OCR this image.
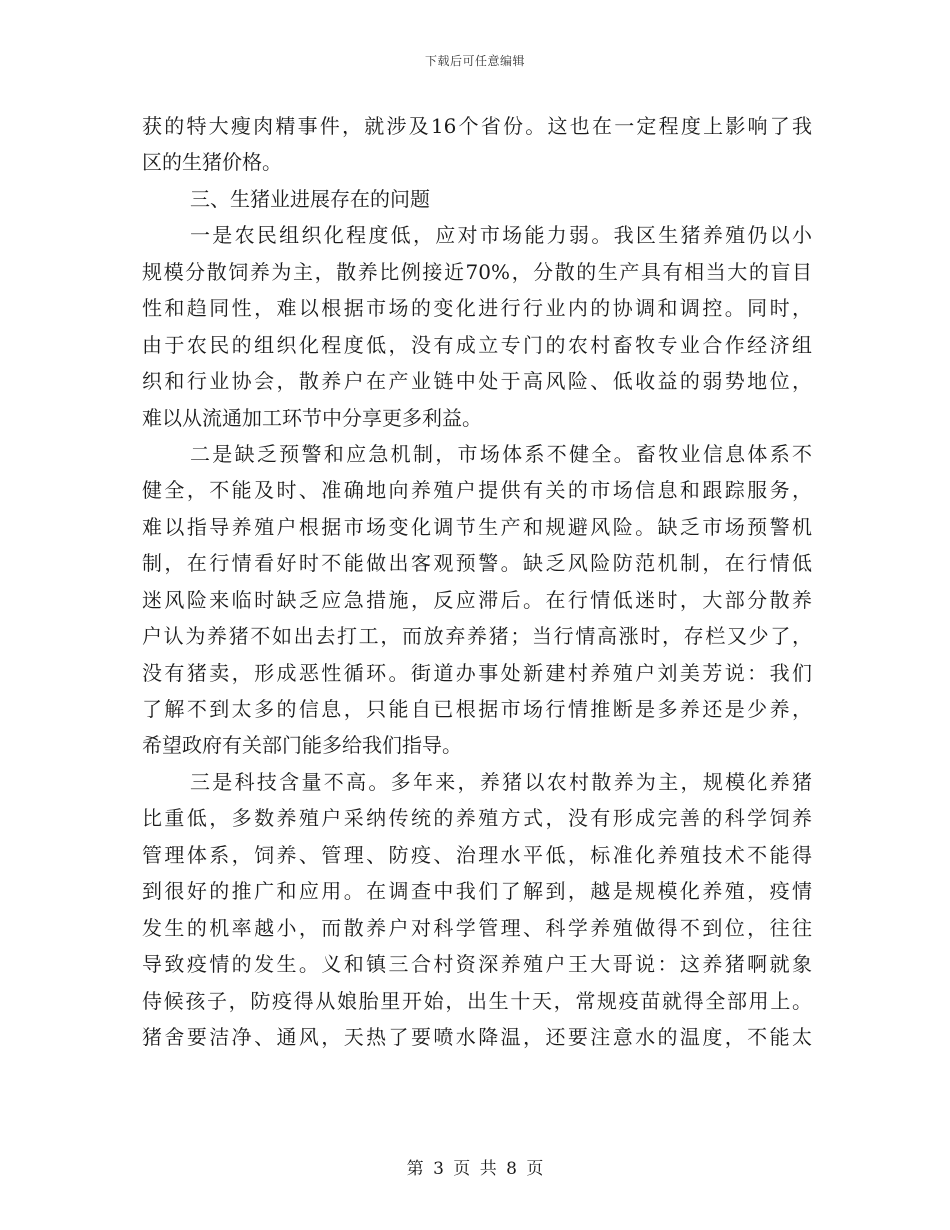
下载后可任意编辑
获的特大瘦肉精事件，就涉及16个省份。这也在一定程度上影响了我
区的生猪价格。
三、生猪业进展存在的问题
一是农民组织化程度低，应对市场能力弱。我区生猪养殖仍以小
规模分散饲养为主，散养比例接近70%，分散的生产具有相当大的盲目
性和趋同性，难以根据市场的变化进行行业内的协调和调控。同时，
由于农民的组织化程度低，没有成立专门的农村畜牧专业合作经济组
织和行业协会，散养户在产业链中处于高风险、低收益的弱势地位，
难以从流通加工环节中分享更多利益。
二是缺乏预警和应急机制，市场体系不健全。畜牧业信息体系不
健全，不能及时、准确地向养殖户提供有关的市场信息和跟踪服务，
难以指导养殖户根据市场变化调节生产和规避风险。缺乏市场预警机
制，在行情看好时不能做出客观预警。缺乏风险防范机制，在行情低
迷风险来临时缺乏应急措施，反应滞后。在行情低迷时，大部分散养
户认为养猪不如出去打工，而放弃养猪；当行情高涨时，存栏又少了，
没有猪卖，形成恶性循环。街道办事处新建村养殖户刘美芳说：我们
了解不到太多的信息，只能自已根据市场行情推断是多养还是少养，
希望政府有关部门能多给我们指导。
三是科技含量不高。多年来，养猪以农村散养为主，规模化养猪
比重低，多数养殖户采纳传统的养殖方式，没有形成完善的科学饲养
管理体系，饲养、管理、防疫、治理水平低，标准化养殖技术不能得
到很好的推广和应用。在调查中我们了解到，越是规模化养殖，疫情
发生的机率越小，而散养户对科学管理、科学养殖做得不到位，往往
导致疫情的发生。义和镇三合村资深养殖户王大哥说：这养猪啊就象
侍候孩子，防疫得从娘胎里开始，出生十天，常规疫苗就得全部用上。
猪舍要洁净、通风，天热了要喷水降温，还要注意水的温度，不能太
第 3 页 共 8 页
